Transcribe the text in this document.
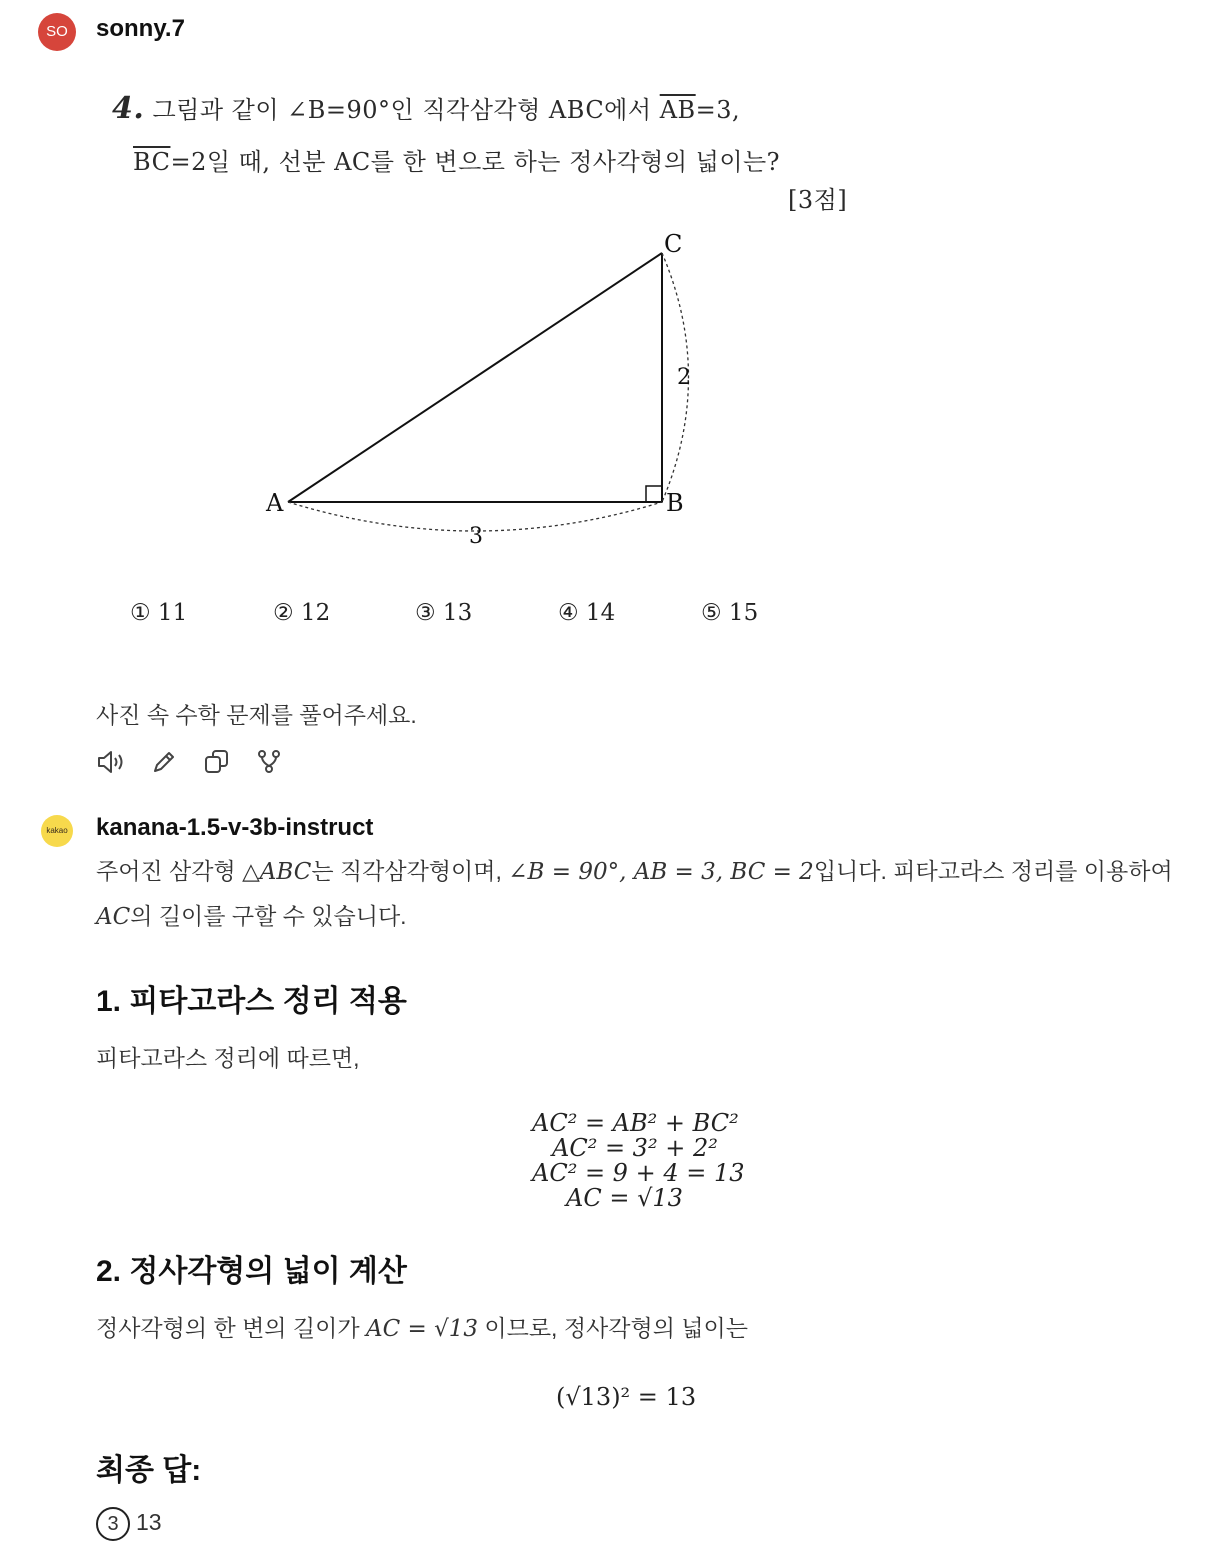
SO	sonny.7
4. 그림과 같이 ∠B=90°인 직각삼각형 ABC에서 $\overline{AB}=3$,
$\overline{BC}=2$일 때, 선분 AC를 한 변으로 하는 정사각형의 넓이는?
[3점]
A	B
C
3
2
① 11	② 12	③ 13	④ 14	⑤ 15
사진 속 수학 문제를 풀어주세요.

kakao kanana-1.5-v-3b-instruct
주어진 삼각형 △ABC는 직각삼각형이며, ∠B = 90°, AB = 3, BC = 2입니다. 피타고라스 정리를 이용하여
AC의 길이를 구할 수 있습니다.
1. 피타고라스 정리 적용
피타고라스 정리에 따르면,
AC² = AB² + BC²
AC² = 3² + 2²
AC² = 9 + 4 = 13
AC = √13
2. 정사각형의 넓이 계산
정사각형의 한 변의 길이가 AC = √13 이므로, 정사각형의 넓이는
(√13)² = 13
최종 답:
3 13
